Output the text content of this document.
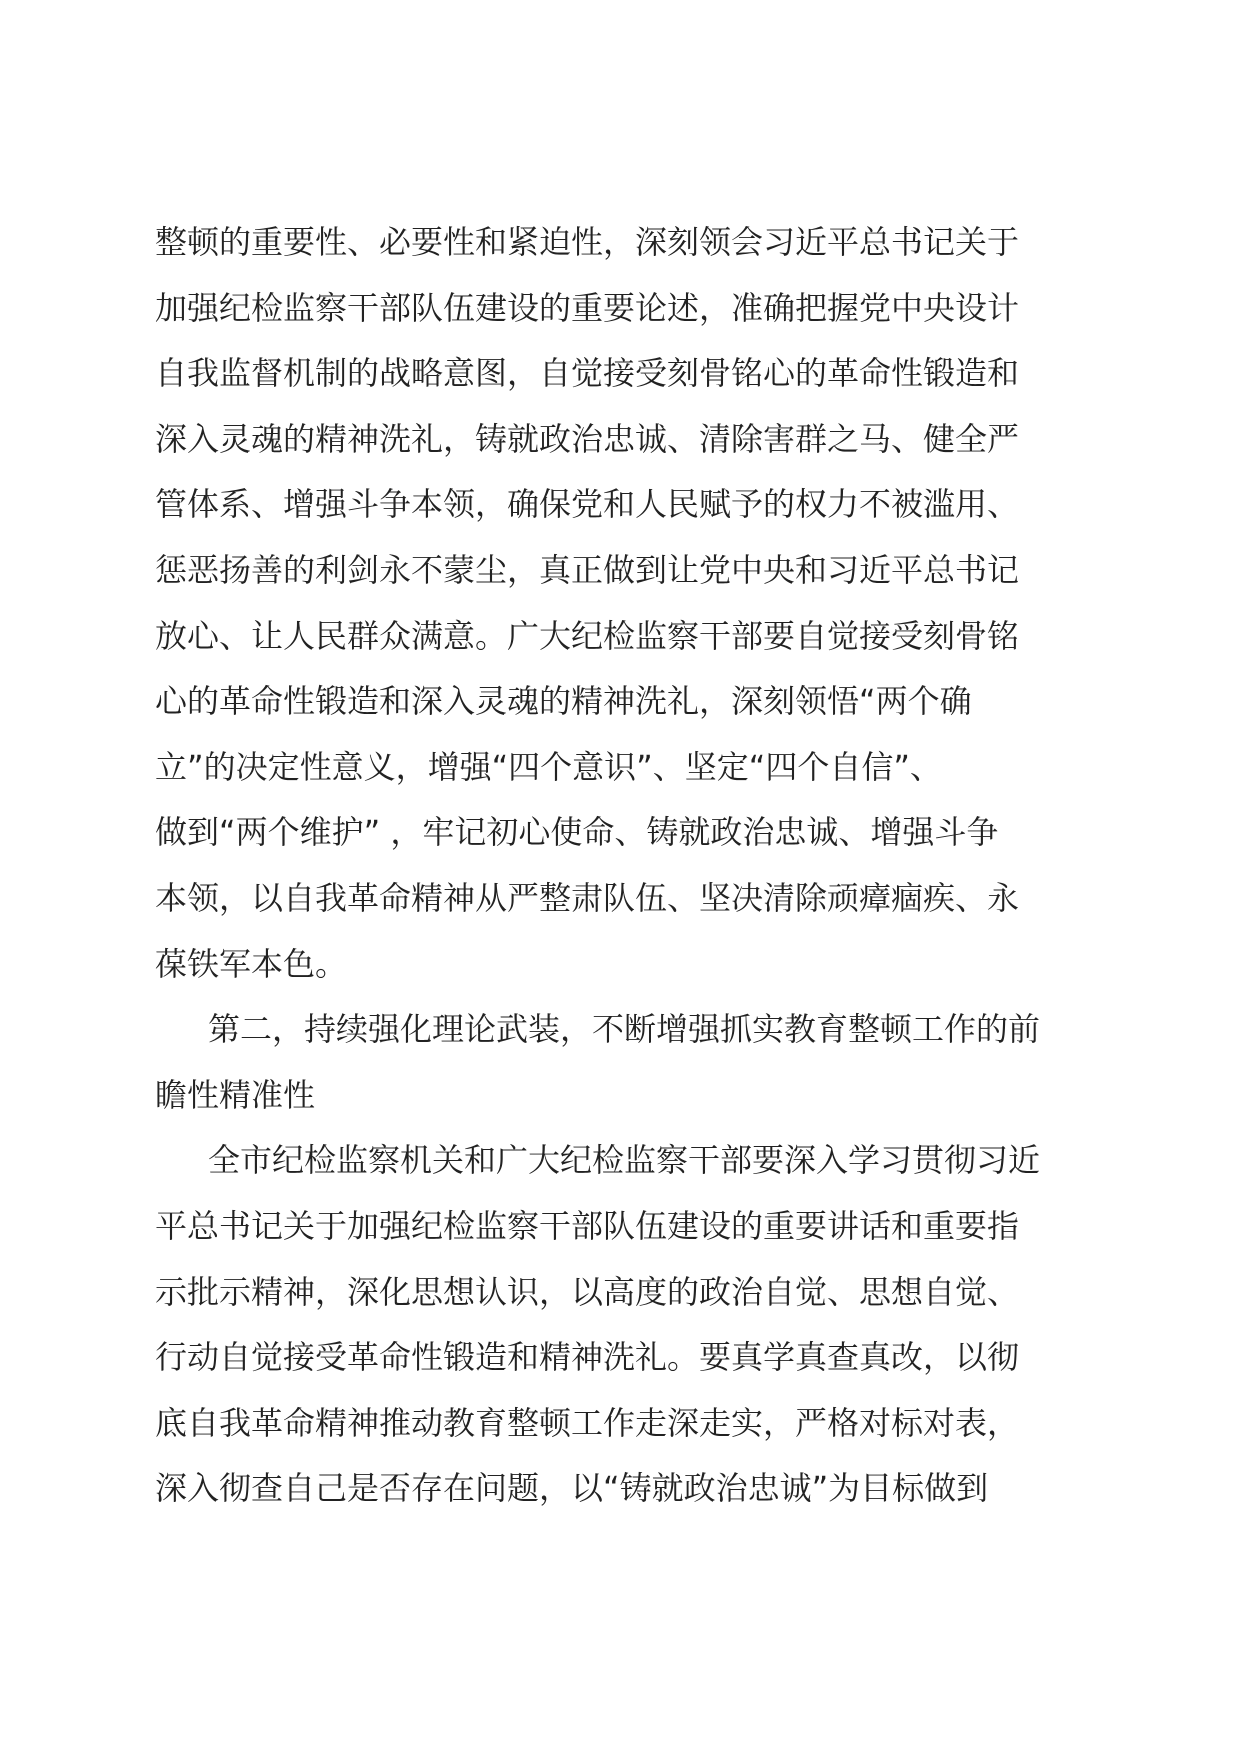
整顿的重要性、必要性和紧迫性，深刻领会习近平总书记关于
加强纪检监察干部队伍建设的重要论述，准确把握党中央设计
自我监督机制的战略意图，自觉接受刻骨铭心的革命性锻造和
深入灵魂的精神洗礼，铸就政治忠诚、清除害群之马、健全严
管体系、增强斗争本领，确保党和人民赋予的权力不被滥用、
惩恶扬善的利剑永不蒙尘，真正做到让党中央和习近平总书记
放心、让人民群众满意。广大纪检监察干部要自觉接受刻骨铭
心的革命性锻造和深入灵魂的精神洗礼，深刻领悟“两个确
立”的决定性意义，增强“四个意识”、坚定“四个自信”、
做到“两个维护” ，牢记初心使命、铸就政治忠诚、增强斗争
本领，以自我革命精神从严整肃队伍、坚决清除顽瘴痼疾、永
葆铁军本色。
第二，持续强化理论武装，不断增强抓实教育整顿工作的前
瞻性精准性
全市纪检监察机关和广大纪检监察干部要深入学习贯彻习近
平总书记关于加强纪检监察干部队伍建设的重要讲话和重要指
示批示精神，深化思想认识，以高度的政治自觉、思想自觉、
行动自觉接受革命性锻造和精神洗礼。要真学真查真改，以彻
底自我革命精神推动教育整顿工作走深走实，严格对标对表，
深入彻查自己是否存在问题，以“铸就政治忠诚”为目标做到
